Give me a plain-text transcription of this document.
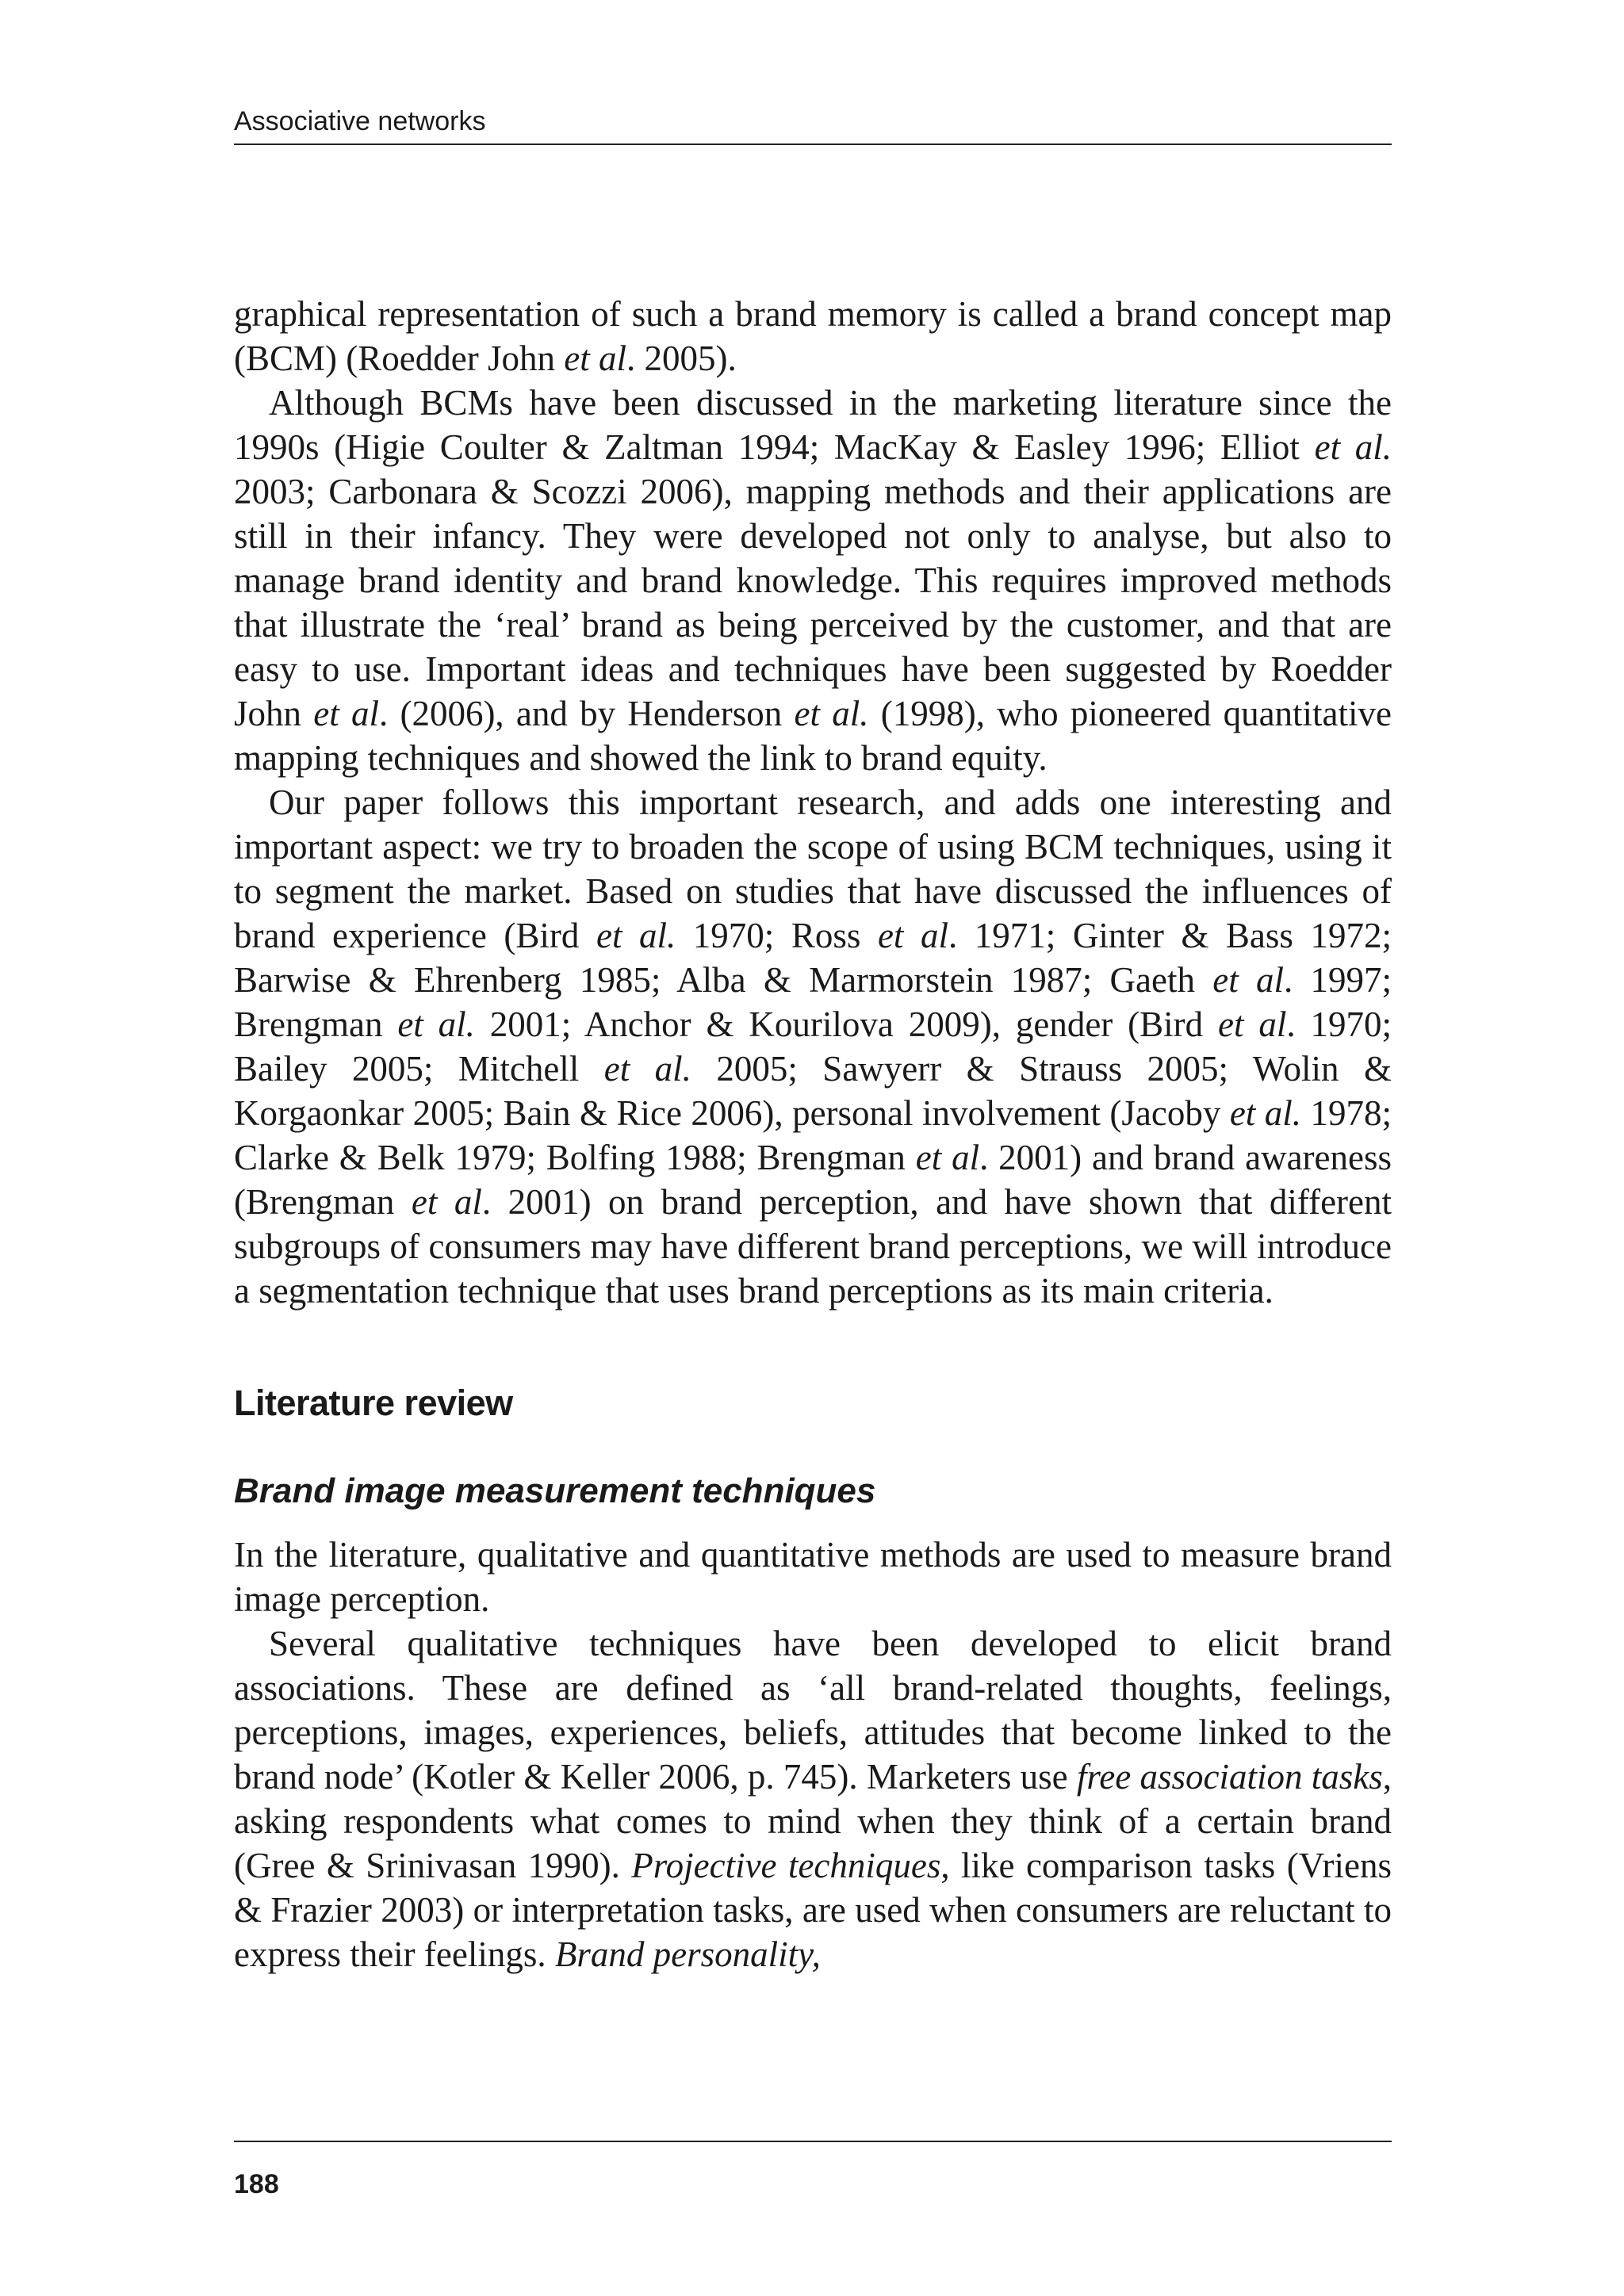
Associative networks

graphical representation of such a brand memory is called a brand concept map (BCM) (Roedder John et al. 2005).

Although BCMs have been discussed in the marketing literature since the 1990s (Higie Coulter & Zaltman 1994; MacKay & Easley 1996; Elliot et al. 2003; Carbonara & Scozzi 2006), mapping methods and their applications are still in their infancy. They were developed not only to analyse, but also to manage brand identity and brand knowledge. This requires improved methods that illustrate the ‘real’ brand as being perceived by the customer, and that are easy to use. Important ideas and techniques have been suggested by Roedder John et al. (2006), and by Henderson et al. (1998), who pioneered quantitative mapping techniques and showed the link to brand equity.

Our paper follows this important research, and adds one interesting and important aspect: we try to broaden the scope of using BCM techniques, using it to segment the market. Based on studies that have discussed the influences of brand experience (Bird et al. 1970; Ross et al. 1971; Ginter & Bass 1972; Barwise & Ehrenberg 1985; Alba & Marmorstein 1987; Gaeth et al. 1997; Brengman et al. 2001; Anchor & Kourilova 2009), gender (Bird et al. 1970; Bailey 2005; Mitchell et al. 2005; Sawyerr & Strauss 2005; Wolin & Korgaonkar 2005; Bain & Rice 2006), personal involvement (Jacoby et al. 1978; Clarke & Belk 1979; Bolfing 1988; Brengman et al. 2001) and brand awareness (Brengman et al. 2001) on brand perception, and have shown that different subgroups of consumers may have different brand perceptions, we will introduce a segmentation technique that uses brand perceptions as its main criteria.

Literature review
Brand image measurement techniques

In the literature, qualitative and quantitative methods are used to measure brand image perception.

Several qualitative techniques have been developed to elicit brand associations. These are defined as ‘all brand-related thoughts, feelings, perceptions, images, experiences, beliefs, attitudes that become linked to the brand node’ (Kotler & Keller 2006, p. 745). Marketers use free association tasks, asking respondents what comes to mind when they think of a certain brand (Gree & Srinivasan 1990). Projective techniques, like comparison tasks (Vriens & Frazier 2003) or interpretation tasks, are used when consumers are reluctant to express their feelings. Brand personality,

188
